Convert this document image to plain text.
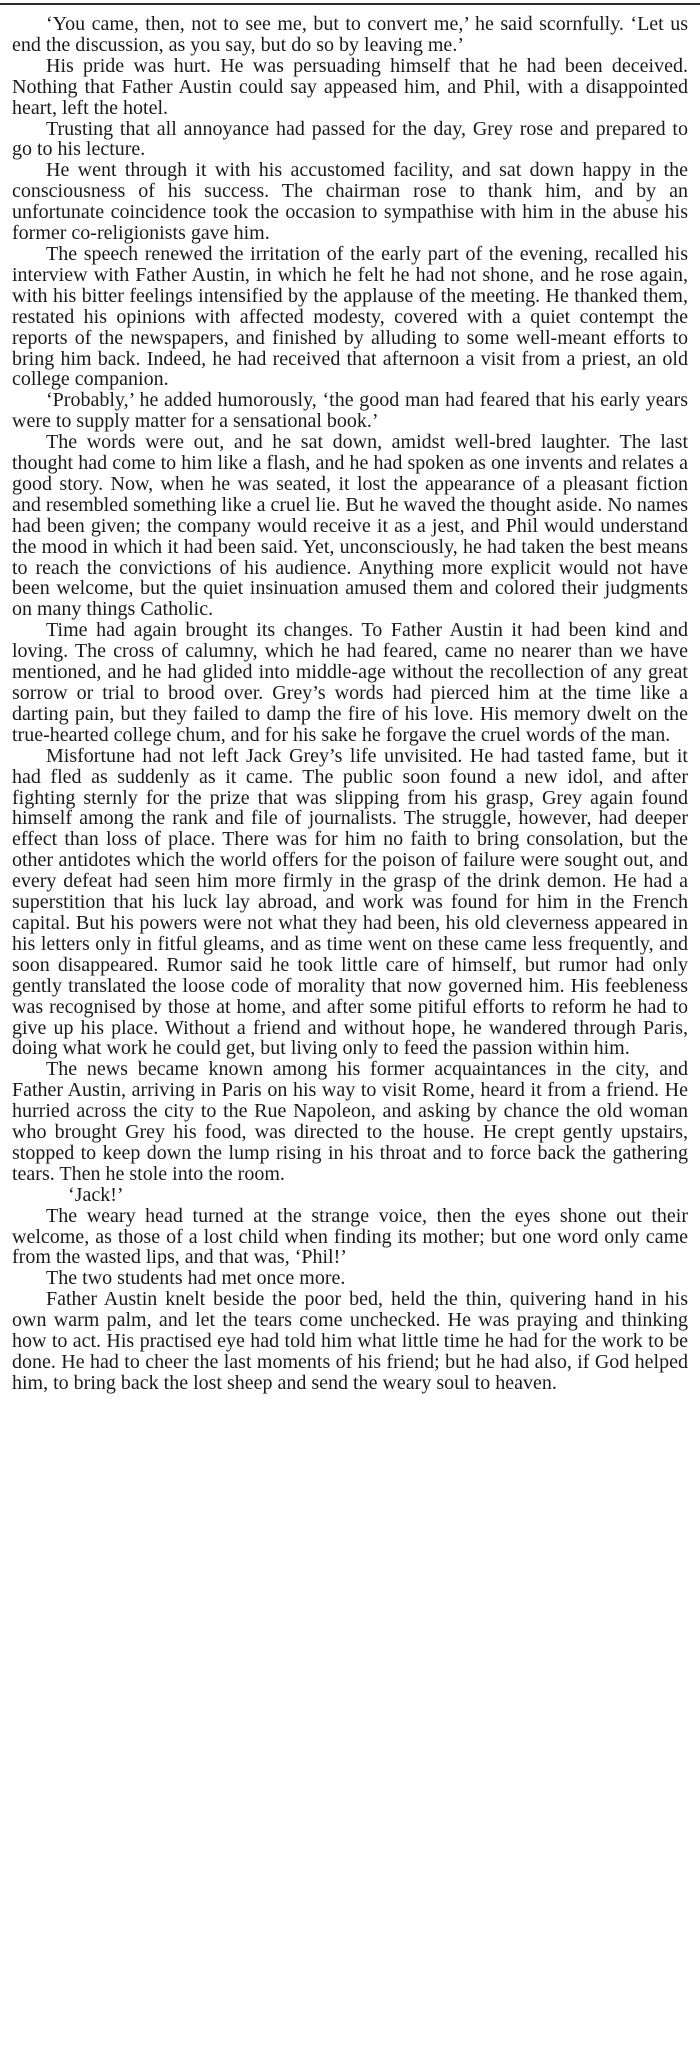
‘You came, then, not to see me, but to convert me,’ he said scornfully. ‘Let us end the discussion, as you say, but do so by leaving me.’

His pride was hurt. He was persuading himself that he had been deceived. Nothing that Father Austin could say appeased him, and Phil, with a disappointed heart, left the hotel.

Trusting that all annoyance had passed for the day, Grey rose and prepared to go to his lecture.

He went through it with his accustomed facility, and sat down happy in the consciousness of his success. The chairman rose to thank him, and by an unfortunate coincidence took the occasion to sympathise with him in the abuse his former co-religionists gave him.

The speech renewed the irritation of the early part of the evening, recalled his interview with Father Austin, in which he felt he had not shone, and he rose again, with his bitter feelings intensified by the applause of the meeting. He thanked them, restated his opinions with affected modesty, covered with a quiet contempt the reports of the newspapers, and finished by alluding to some well-meant efforts to bring him back. Indeed, he had received that afternoon a visit from a priest, an old college companion.

‘Probably,’ he added humorously, ‘the good man had feared that his early years were to supply matter for a sensational book.’

The words were out, and he sat down, amidst well-bred laughter. The last thought had come to him like a flash, and he had spoken as one invents and relates a good story. Now, when he was seated, it lost the appearance of a pleasant fiction and resembled something like a cruel lie. But he waved the thought aside. No names had been given; the company would receive it as a jest, and Phil would understand the mood in which it had been said. Yet, unconsciously, he had taken the best means to reach the convictions of his audience. Anything more explicit would not have been welcome, but the quiet insinuation amused them and colored their judgments on many things Catholic.

Time had again brought its changes. To Father Austin it had been kind and loving. The cross of calumny, which he had feared, came no nearer than we have mentioned, and he had glided into middle-age without the recollection of any great sorrow or trial to brood over. Grey’s words had pierced him at the time like a darting pain, but they failed to damp the fire of his love. His memory dwelt on the true-hearted college chum, and for his sake he forgave the cruel words of the man.

Misfortune had not left Jack Grey’s life unvisited. He had tasted fame, but it had fled as suddenly as it came. The public soon found a new idol, and after fighting sternly for the prize that was slipping from his grasp, Grey again found himself among the rank and file of journalists. The struggle, however, had deeper effect than loss of place. There was for him no faith to bring consolation, but the other antidotes which the world offers for the poison of failure were sought out, and every defeat had seen him more firmly in the grasp of the drink demon. He had a superstition that his luck lay abroad, and work was found for him in the French capital. But his powers were not what they had been, his old cleverness appeared in his letters only in fitful gleams, and as time went on these came less frequently, and soon disappeared. Rumor said he took little care of himself, but rumor had only gently translated the loose code of morality that now governed him. His feebleness was recognised by those at home, and after some pitiful efforts to reform he had to give up his place. Without a friend and without hope, he wandered through Paris, doing what work he could get, but living only to feed the passion within him.

The news became known among his former acquaintances in the city, and Father Austin, arriving in Paris on his way to visit Rome, heard it from a friend. He hurried across the city to the Rue Napoleon, and asking by chance the old woman who brought Grey his food, was directed to the house. He crept gently upstairs, stopped to keep down the lump rising in his throat and to force back the gathering tears. Then he stole into the room.

‘Jack!’

The weary head turned at the strange voice, then the eyes shone out their welcome, as those of a lost child when finding its mother; but one word only came from the wasted lips, and that was, ‘Phil!’

The two students had met once more.

Father Austin knelt beside the poor bed, held the thin, quivering hand in his own warm palm, and let the tears come unchecked. He was praying and thinking how to act. His practised eye had told him what little time he had for the work to be done. He had to cheer the last moments of his friend; but he had also, if God helped him, to bring back the lost sheep and send the weary soul to heaven.
